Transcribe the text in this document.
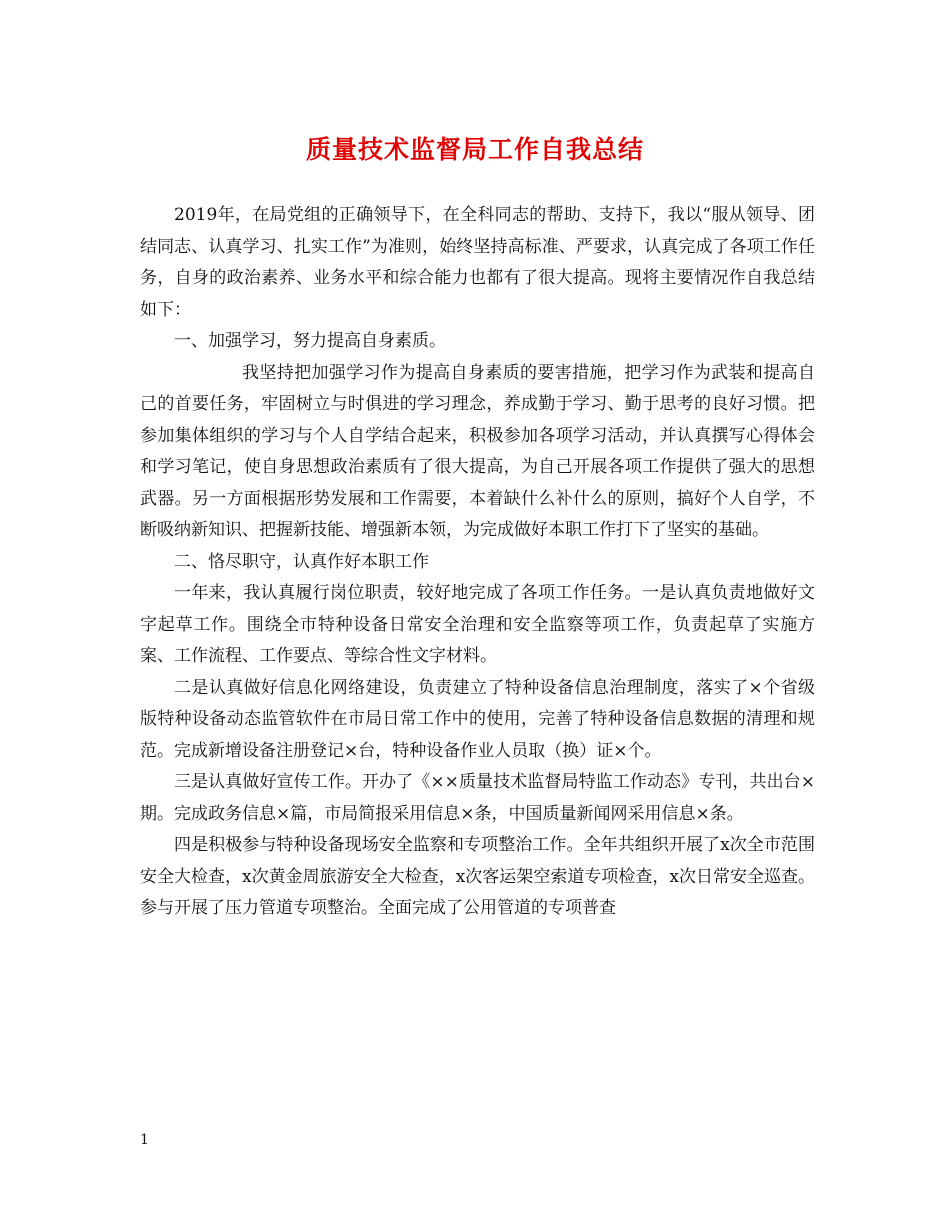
质量技术监督局工作自我总结

2019年，在局党组的正确领导下，在全科同志的帮助、支持下，我以“服从领导、团结同志、认真学习、扎实工作”为准则，始终坚持高标准、严要求，认真完成了各项工作任务，自身的政治素养、业务水平和综合能力也都有了很大提高。现将主要情况作自我总结如下：

一、加强学习，努力提高自身素质。

我坚持把加强学习作为提高自身素质的要害措施，把学习作为武装和提高自己的首要任务，牢固树立与时俱进的学习理念，养成勤于学习、勤于思考的良好习惯。把参加集体组织的学习与个人自学结合起来，积极参加各项学习活动，并认真撰写心得体会和学习笔记，使自身思想政治素质有了很大提高，为自己开展各项工作提供了强大的思想武器。另一方面根据形势发展和工作需要，本着缺什么补什么的原则，搞好个人自学，不断吸纳新知识、把握新技能、增强新本领，为完成做好本职工作打下了坚实的基础。

二、恪尽职守，认真作好本职工作

一年来，我认真履行岗位职责，较好地完成了各项工作任务。一是认真负责地做好文字起草工作。围绕全市特种设备日常安全治理和安全监察等项工作，负责起草了实施方案、工作流程、工作要点、等综合性文字材料。

二是认真做好信息化网络建设，负责建立了特种设备信息治理制度，落实了×个省级版特种设备动态监管软件在市局日常工作中的使用，完善了特种设备信息数据的清理和规范。完成新增设备注册登记×台，特种设备作业人员取（换）证×个。

三是认真做好宣传工作。开办了《××质量技术监督局特监工作动态》专刊，共出台×期。完成政务信息×篇，市局简报采用信息×条，中国质量新闻网采用信息×条。

四是积极参与特种设备现场安全监察和专项整治工作。全年共组织开展了x次全市范围安全大检查，x次黄金周旅游安全大检查，x次客运架空索道专项检查，x次日常安全巡查。参与开展了压力管道专项整治。全面完成了公用管道的专项普查

1
